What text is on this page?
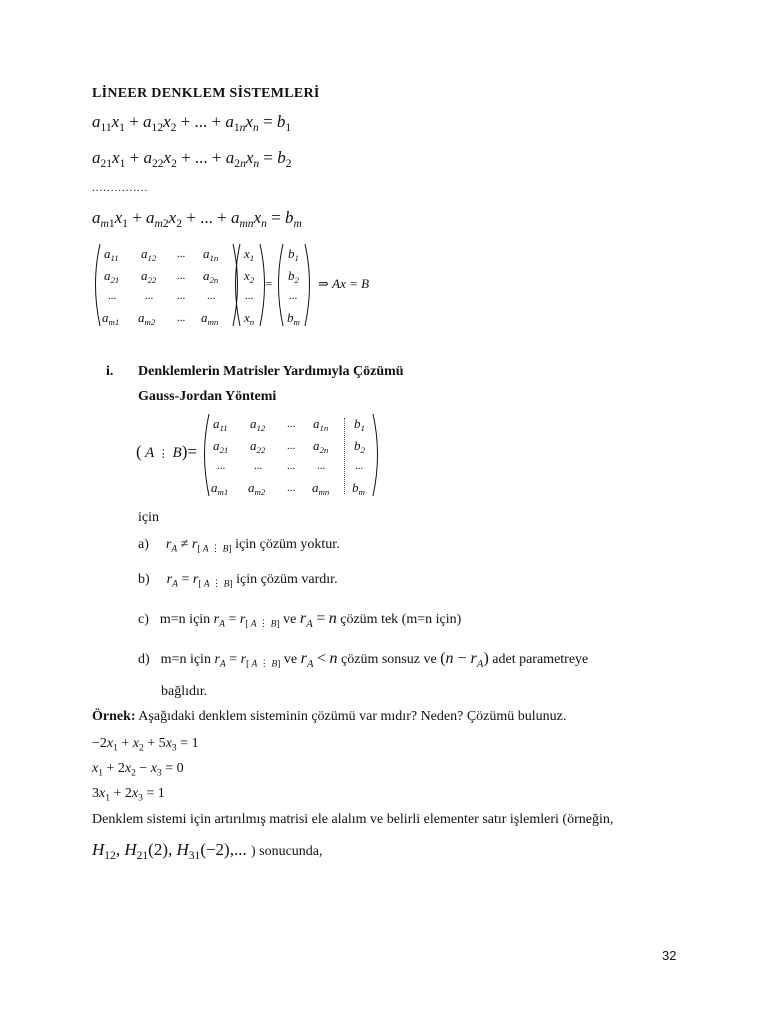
LİNEER DENKLEM SİSTEMLERİ
$a_{11}x_1 + a_{12}x_2$ + ... + $a_{1n}x_n = b_1$
$a_{21}x_1 + a_{22}x_2$ + ... + $a_{2n}x_n = b_2$
...............
$a_{m1}x_1 + a_{m2}x_2$ + ... + $a_{mn}x_n = b_m$
$a_{11}$ $a_{12}$ ... $a_{1n}$
$a_{21}$ $a_{22}$ ... $a_{2n}$
...	... ... ...
$a_{m1}$ $a_{m2}$ ... $a_{mn}$
$x_1$
$x_2$
...
$x_n$
=
$b_1$
$b_2$
...
$b_m$
⇒ Ax = B
i. Denklemlerin Matrisler Yardımıyla Çözümü
Gauss-Jordan Yöntemi
( A ⋮ B)=
$a_{11}$ $a_{12}$ ... $a_{1n}$ $b_1$
$a_{21}$ $a_{22}$ ... $a_{2n}$ $b_2$
...	... ... ...	...
$a_{m1}$ $a_{m2}$ ... $a_{mn}$ $b_m$
için
a) $r_A \ne r_{[ A ⋮ B]}$ için çözüm yoktur.
b) $r_A = r_{[ A ⋮ B]}$ için çözüm vardır.
c) m=n için $r_A = r_{[ A ⋮ B]}$ ve $r_A = n$ çözüm tek (m=n için)
d) m=n için $r_A = r_{[ A ⋮ B]}$ ve $r_A < n$ çözüm sonsuz ve $(n - r_A)$ adet parametreye
bağlıdır.
Örnek: Aşağıdaki denklem sisteminin çözümü var mıdır? Neden? Çözümü bulunuz.
$-2x_1 + x_2 + 5x_3 = 1$
$x_1 + 2x_2 - x_3 = 0$
$3x_1 + 2x_3 = 1$
Denklem sistemi için artırılmış matrisi ele alalım ve belirli elementer satır işlemleri (örneğin,
$H_{12}$, $H_{21}(2)$, $H_{31}(-2)$,... ) sonucunda,
32
